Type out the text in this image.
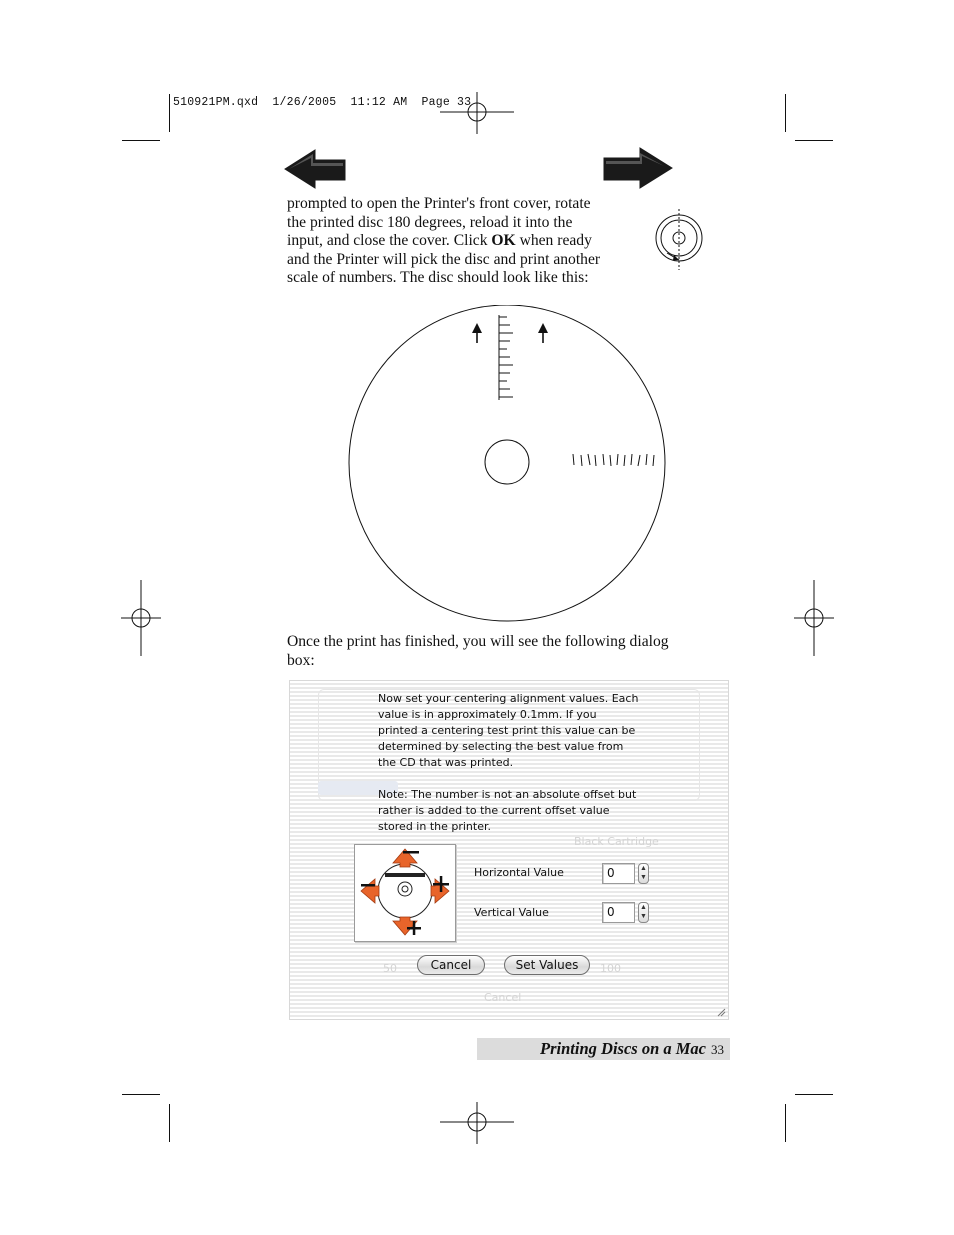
510921PM.qxd  1/26/2005  11:12 AM  Page 33
prompted to open the Printer's front cover, rotate
the printed disc 180 degrees, reload it into the
input, and close the cover. Click OK when ready
and the Printer will pick the disc and print another
scale of numbers. The disc should look like this:
Once the print has finished, you will see the following dialog
box:
Black Cartridge
50	100
Cancel
Now set your centering alignment values. Each
value is in approximately 0.1mm. If you
printed a centering test print this value can be
determined by selecting the best value from
the CD that was printed.
Note: The number is not an absolute offset but
rather is added to the current offset value
stored in the printer.
Horizontal Value	0	▲
▼
Vertical Value	0	▲
▼
Cancel	Set Values
Printing Discs on a Mac 33
